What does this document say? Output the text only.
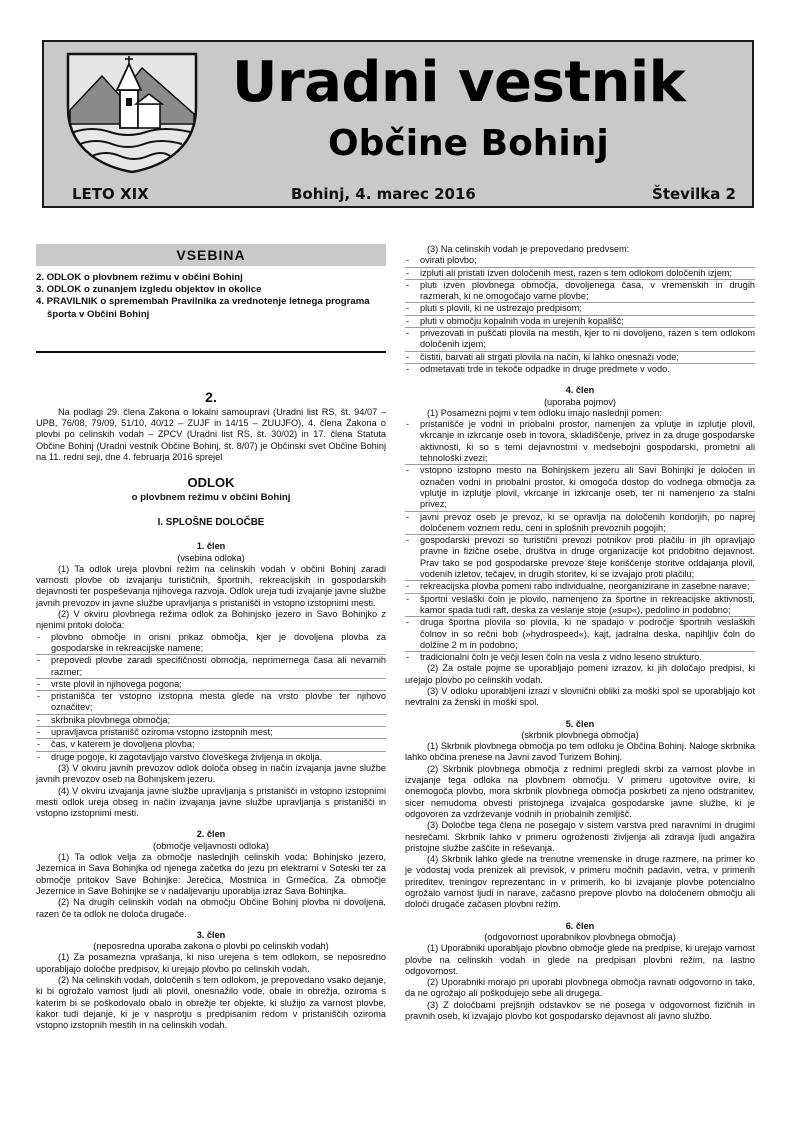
Uradni vestnik
Občine Bohinj
LETO XIX	Bohinj, 4. marec 2016	Številka 2
VSEBINA

2. ODLOK o plovbnem režimu v občini Bohinj

3. ODLOK o zunanjem izgledu objektov in okolice

4. PRAVILNIK o spremembah Pravilnika za vrednotenje letnega programa športa v Občini Bohinj

2.

Na podlagi 29. člena Zakona o lokalni samoupravi (Uradni list RS, št. 94/07 – UPB, 76/08, 79/09, 51/10, 40/12 – ZUJF in 14/15 – ZUUJFO), 4. člena Zakona o plovbi po celinskih vodah – ZPCV (Uradni list RS, št. 30/02) in 17. člena Statuta Občine Bohinj (Uradni vestnik Občine Bohinj, št. 8/07) je Občinski svet Občine Bohinj na 11. redni seji, dne 4. februarja 2016 sprejel

ODLOK
o plovbnem režimu v občini Bohinj
I. SPLOŠNE DOLOČBE
1. člen
(vsebina odloka)

(1) Ta odlok ureja plovbni režim na celinskih vodah v občini Bohinj zaradi varnosti plovbe ob izvajanju turističnih, športnih, rekreacijskih in gospodarskih dejavnosti ter pospeševanja njihovega razvoja. Odlok ureja tudi izvajanje javne službe javnih prevozov in javne službe upravljanja s pristanišči in vstopno izstopnimi mesti.

(2) V okviru plovbnega režima odlok za Bohinjsko jezero in Savo Bohinjko z njenimi pritoki določa:

- plovbno območje in orisni prikaz območja, kjer je dovoljena plovba za gospodarske in rekreacijske namene;

- prepovedi plovbe zaradi specifičnosti območja, neprimernega časa ali nevarnih razmer;

- vrste plovil in njihovega pogona;

- pristanišča ter vstopno izstopna mesta glede na vrsto plovbe ter njihovo označitev;

- skrbnika plovbnega območja;

- upravljavca pristanišč oziroma vstopno izstopnih mest;

- čas, v katerem je dovoljena plovba;

- druge pogoje, ki zagotavljajo varstvo človeškega življenja in okolja.

(3) V okviru javnih prevozov odlok določa obseg in način izvajanja javne službe javnih prevozov oseb na Bohinjskem jezeru.

(4) V okviru izvajanja javne službe upravljanja s pristanišči in vstopno izstopnimi mesti odlok ureja obseg in način izvajanja javne službe upravljanja s pristanišči in vstopno izstopnimi mesti.

2. člen
(območje veljavnosti odloka)

(1) Ta odlok velja za območje naslednjih celinskih voda: Bohinjsko jezero, Jezernica in Sava Bohinjka od njenega začetka do jezu pri elektrarni v Soteski ter za območje pritokov Save Bohinjke: Jerečica, Mostnica in Grmečica. Za območje Jezernice in Save Bohinjke se v nadaljevanju uporablja izraz Sava Bohinjka.

(2) Na drugih celinskih vodah na območju Občine Bohinj plovba ni dovoljena, razen če ta odlok ne določa drugače.

3. člen
(neposredna uporaba zakona o plovbi po celinskih vodah)

(1) Za posamezna vprašanja, ki niso urejena s tem odlokom, se neposredno uporabljajo določbe predpisov, ki urejajo plovbo po celinskih vodah.

(2) Na celinskih vodah, določenih s tem odlokom, je prepovedano vsako dejanje, ki bi ogrožalo varnost ljudi ali plovil, onesnažilo vode, obale in obrežja, oziroma s katerim bi se poškodovalo obalo in obrežje ter objekte, ki služijo za varnost plovbe, kakor tudi dejanje, ki je v nasprotju s predpisanim redom v pristaniščih oziroma vstopno izstopnih mestih in na celinskih vodah.

(3) Na celinskih vodah je prepovedano predvsem:

- ovirati plovbo;

- izpluti ali pristati izven določenih mest, razen s tem odlokom določenih izjem;

- pluti izven plovbnega območja, dovoljenega časa, v vremenskih in drugih razmerah, ki ne omogočajo varne plovbe;

- pluti s plovili, ki ne ustrezajo predpisom;

- pluti v območju kopalnih voda in urejenih kopališč;

- privezovati in puščati plovila na mestih, kjer to ni dovoljeno, razen s tem odlokom določenih izjem;

- čistiti, barvati ali strgati plovila na način, ki lahko onesnaži vode;

- odmetavati trde in tekoče odpadke in druge predmete v vodo.

4. člen
(uporaba pojmov)

(1) Posamezni pojmi v tem odloku imajo naslednji pomen:

- pristanišče je vodni in priobalni prostor, namenjen za vplutje in izplutje plovil, vkrcanje in izkrcanje oseb in tovora, skladiščenje, privez in za druge gospodarske aktivnosti, ki so s temi dejavnostmi v medsebojni gospodarski, prometni ali tehnološki zvezi;

- vstopno izstopno mesto na Bohinjskem jezeru ali Savi Bohinjki je določen in označen vodni in priobalni prostor, ki omogoča dostop do vodnega območja za vplutje in izplutje plovil, vkrcanje in izkrcanje oseb, ter ni namenjeno za stalni privez;

- javni prevoz oseb je prevoz, ki se opravlja na določenih koridorjih, po naprej določenem voznem redu, ceni in splošnih prevoznih pogojih;

- gospodarski prevozi so turistični prevozi potnikov proti plačilu in jih opravljajo pravne in fizične osebe, društva in druge organizacije kot pridobitno dejavnost. Prav tako se pod gospodarske prevoze šteje koriščenje storitve oddajanja plovil, vodenih izletov, tečajev, in drugih storitev, ki se izvajajo proti plačilu;

- rekreacijska plovba pomeni rabo individualne, neorganizirane in zasebne narave;

- športni veslaški čoln je plovilo, namenjeno za športne in rekreacijske aktivnosti, kamor spada tudi raft, deska za veslanje stoje (»sup«), pedolino in podobno;

- druga športna plovila so plovila, ki ne spadajo v področje športnih veslaških čolnov in so rečni bob (»hydrospeed«), kajt, jadralna deska, napihljiv čoln do dolžine 2 m in podobno;

- tradicionalni čoln je večji lesen čoln na vesla z vidno leseno strukturo.

(2) Za ostale pojme se uporabljajo pomeni izrazov, ki jih določajo predpisi, ki urejajo plovbo po celinskih vodah.

(3) V odloku uporabljeni izrazi v slovnični obliki za moški spol se uporabljajo kot nevtralni za ženski in moški spol.

5. člen
(skrbnik plovbnega območja)

(1) Skrbnik plovbnega območja po tem odloku je Občina Bohinj. Naloge skrbnika lahko občina prenese na Javni zavod Turizem Bohinj.

(2) Skrbnik plovbnega območja z rednimi pregledi skrbi za varnost plovbe in izvajanje tega odloka na plovbnem območju. V primeru ugotovitve ovire, ki onemogoča plovbo, mora skrbnik plovbnega območja poskrbeti za njeno odstranitev, sicer nemudoma obvesti pristojnega izvajalca gospodarske javne službe, ki je odgovoren za vzdrževanje vodnih in priobalnih zemljišč.

(3) Določbe tega člena ne posegajo v sistem varstva pred naravnimi in drugimi nesrečami. Skrbnik lahko v primeru ogroženosti življenja ali zdravja ljudi angažira pristojne službe zaščite in reševanja.

(4) Skrbnik lahko glede na trenutne vremenske in druge razmere, na primer ko je vodostaj voda prenizek ali previsok, v primeru močnih padavin, vetra, v primerih prireditev, treningov reprezentanc in v primerih, ko bi izvajanje plovbe potencialno ogrožalo varnost ljudi in narave, začasno prepove plovbo na določenem območju ali določi drugače začasen plovbni režim.

6. člen
(odgovornost uporabnikov plovbnega območja)

(1) Uporabniki uporabljajo plovbno območje glede na predpise, ki urejajo varnost plovbe na celinskih vodah in glede na predpisan plovbni režim, na lastno odgovornost.

(2) Uporabniki morajo pri uporabi plovbnega območja ravnati odgovorno in tako, da ne ogrožajo ali poškodujejo sebe ali drugega.

(3) Z določbami prejšnjih odstavkov se ne posega v odgovornost fizičnih in pravnih oseb, ki izvajajo plovbo kot gospodarsko dejavnost ali javno službo.
